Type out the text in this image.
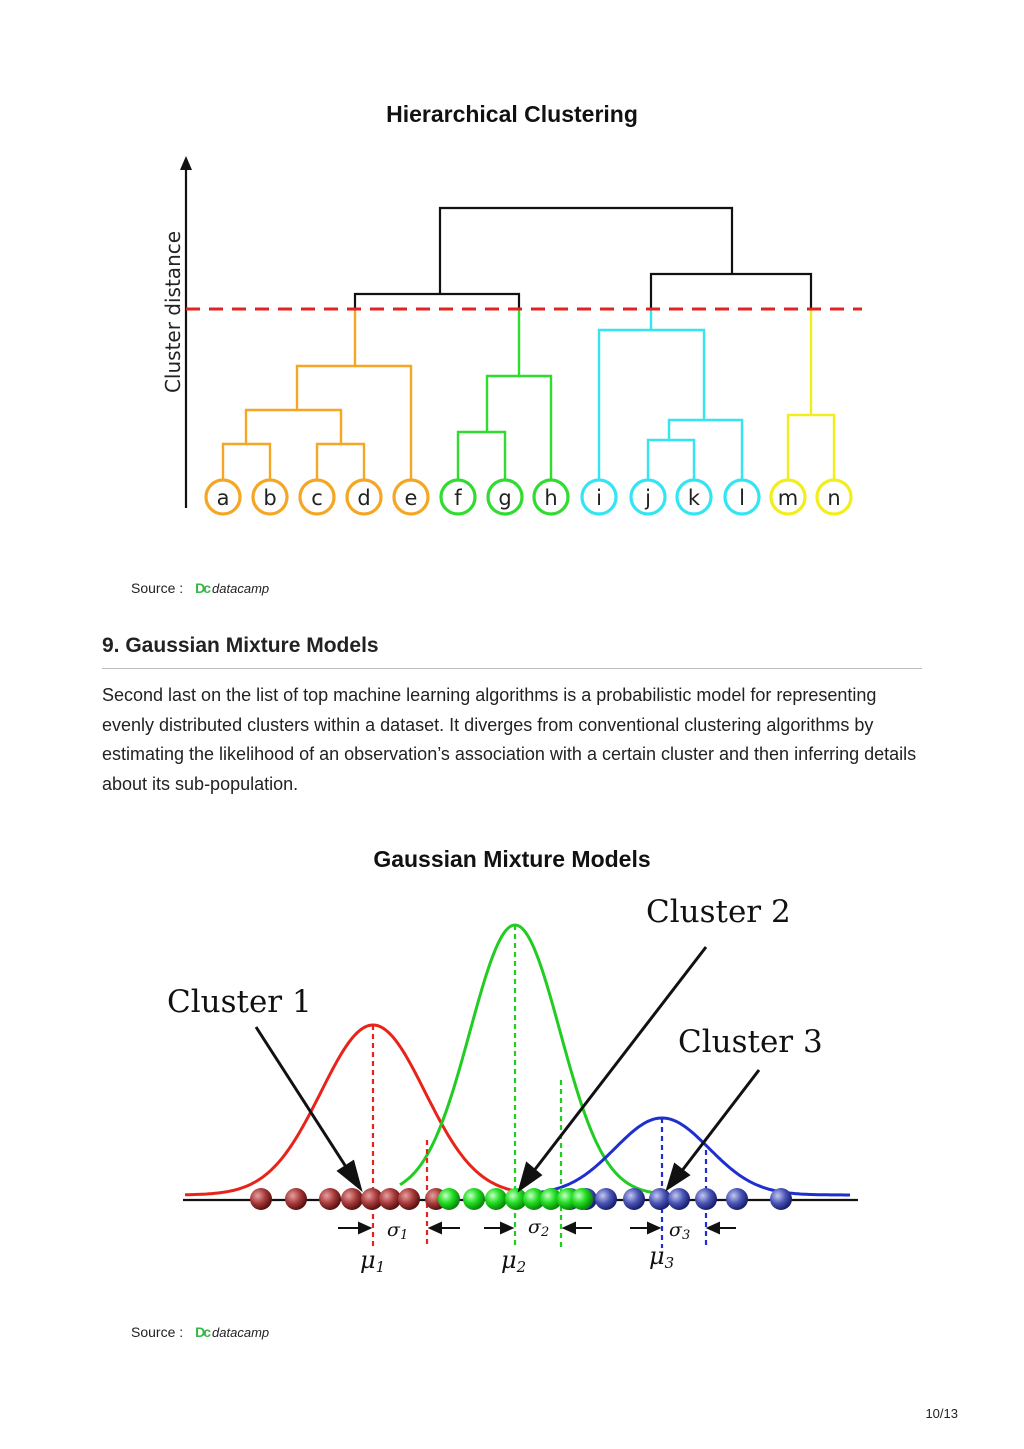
Hierarchical Clustering
Cluster distance
a b c d e f g h i j k l m n
Source : Dc datacamp
9. Gaussian Mixture Models
Second last on the list of top machine learning algorithms is a probabilistic model for representing evenly distributed clusters within a dataset. It diverges from conventional clustering algorithms by estimating the likelihood of an observation’s association with a certain cluster and then inferring details about its sub-population.
Gaussian Mixture Models
Cluster 1
Cluster 2
Cluster 3
σ1	σ2	σ3
μ1	μ2	μ3
Source : Dc datacamp
10/13
